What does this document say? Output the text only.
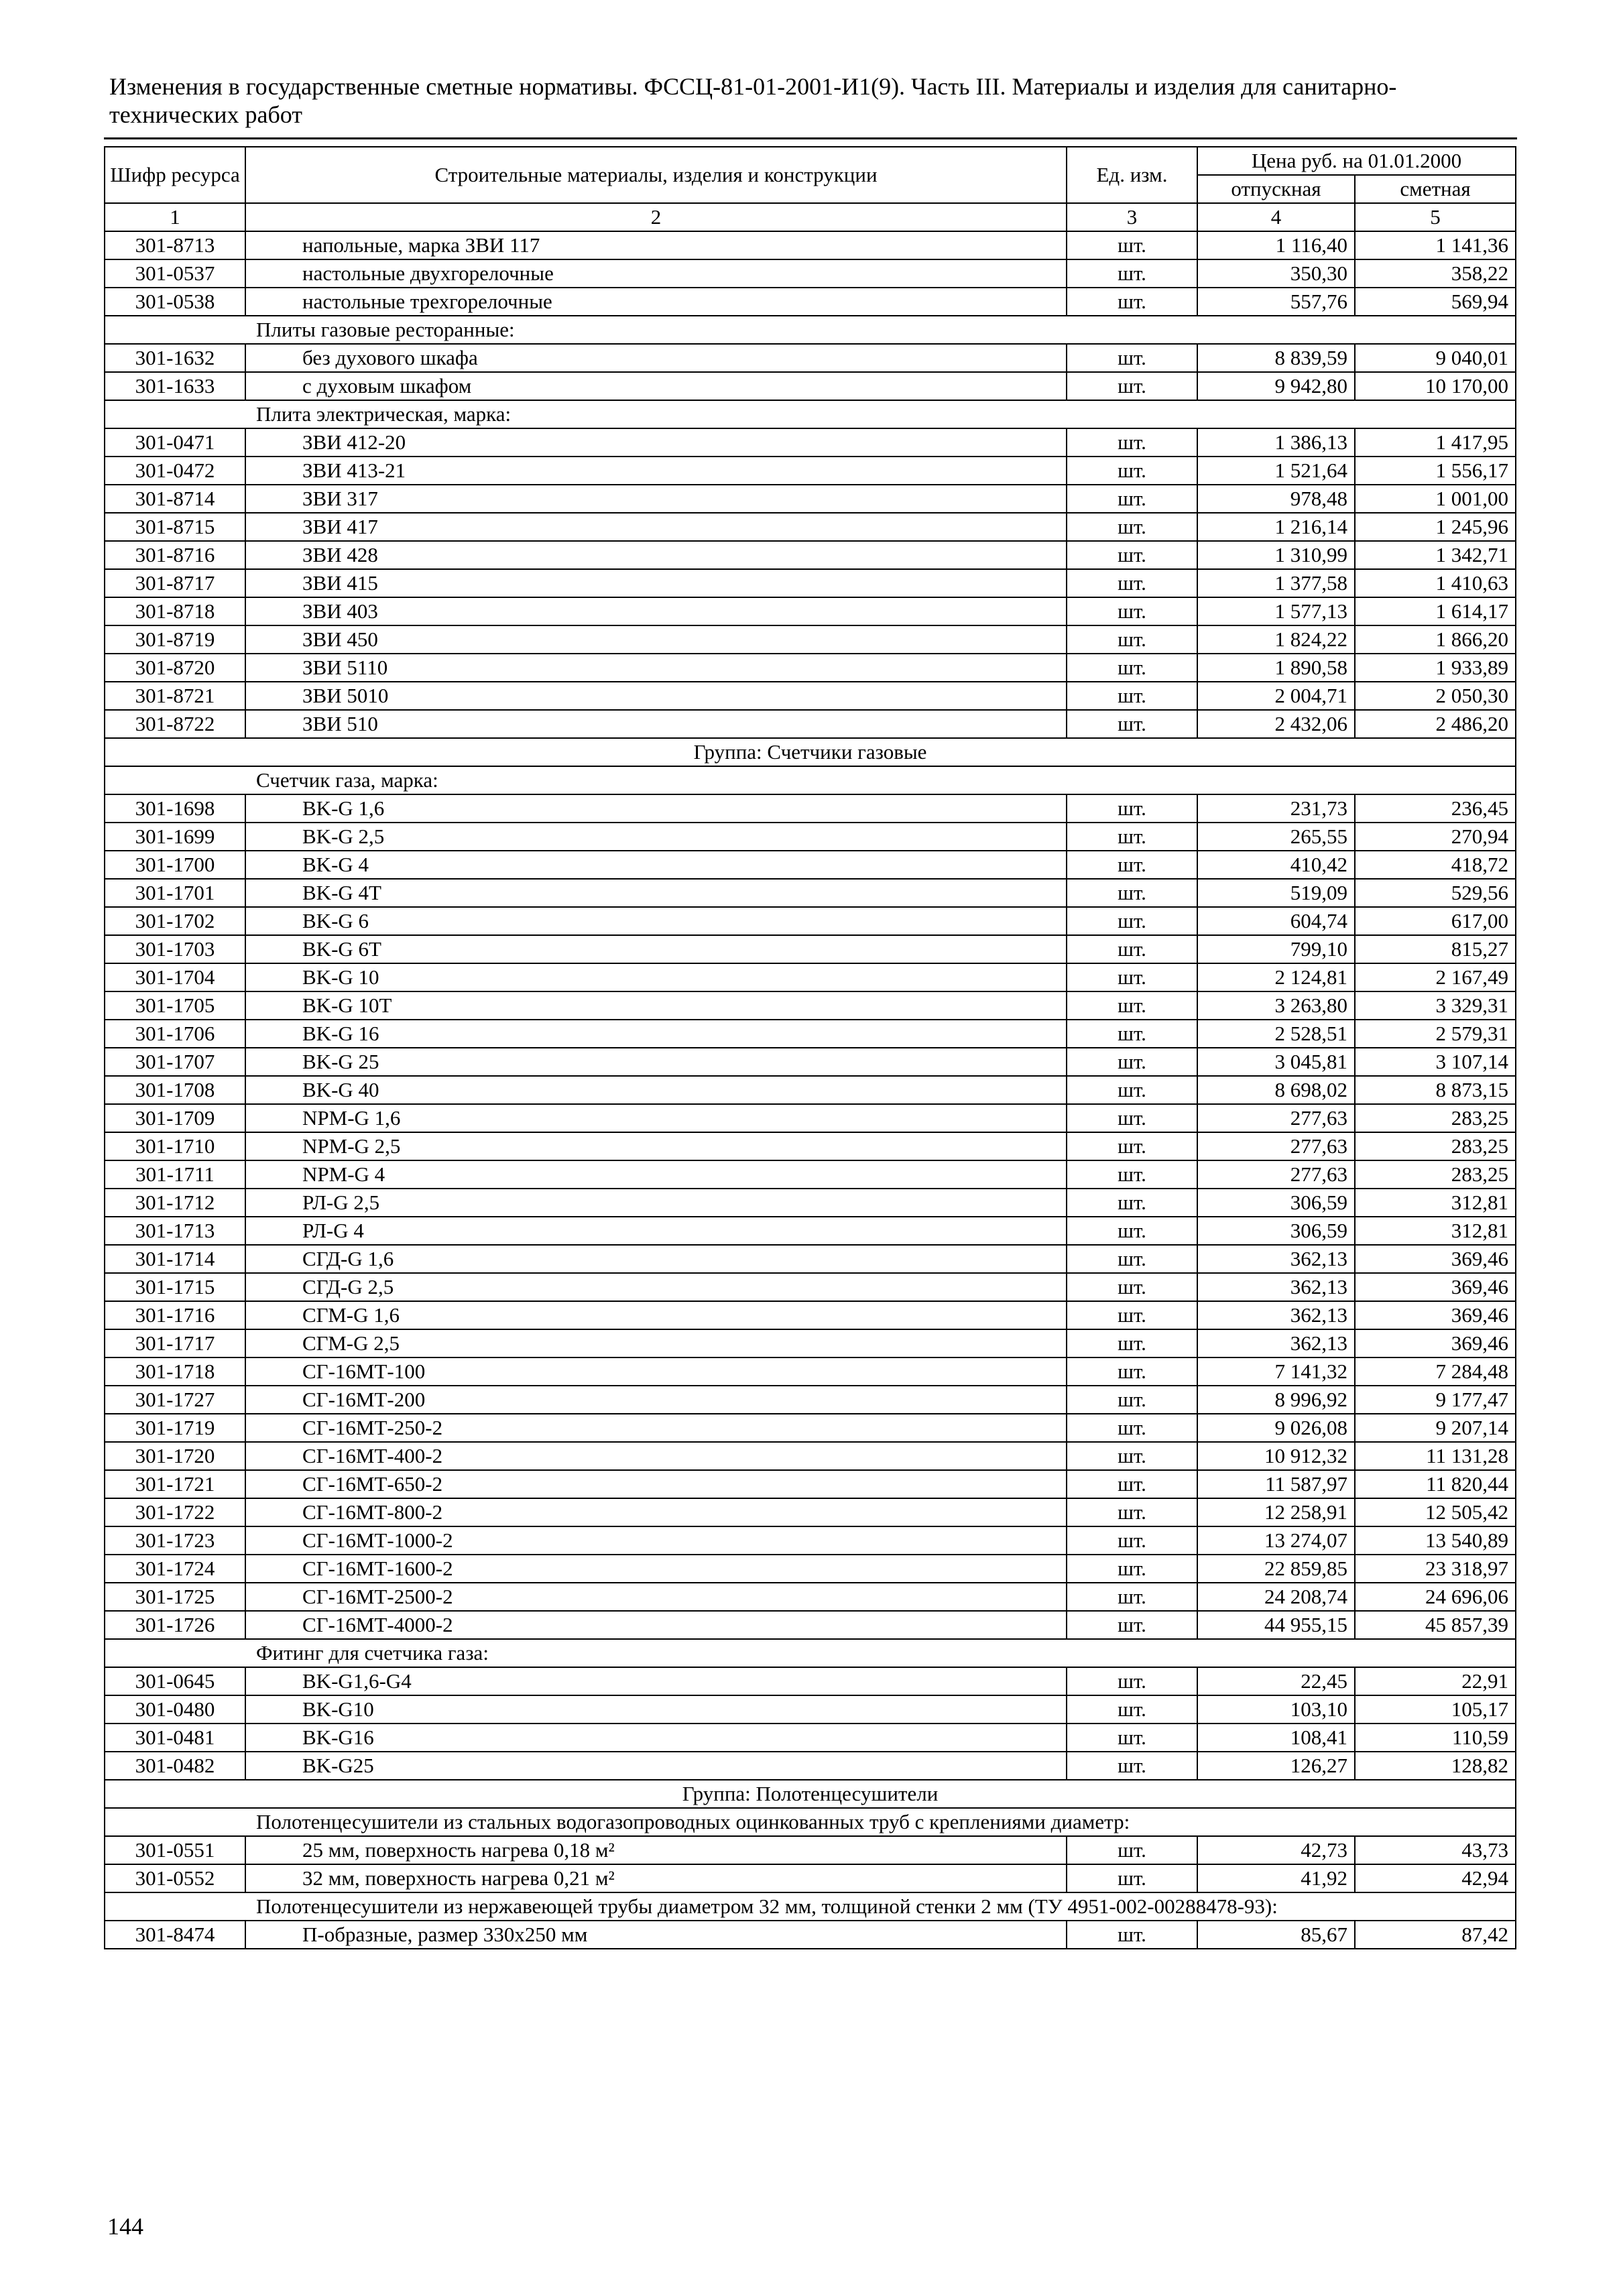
Изменения в государственные сметные нормативы. ФССЦ-81-01-2001-И1(9). Часть III. Материалы и изделия для санитарно-технических работ
Шифр ресурса	Строительные материалы, изделия и конструкции	Ед. изм.	Цена руб. на 01.01.2000	
			отпускная	сметная
1	2	3	4	5
301-8713	напольные, марка ЗВИ 117	шт.	1 116,40	1 141,36
301-0537	настольные двухгорелочные	шт.	350,30	358,22
301-0538	настольные трехгорелочные	шт.	557,76	569,94
Плиты газовые ресторанные:				
301-1632	без духового шкафа	шт.	8 839,59	9 040,01
301-1633	с духовым шкафом	шт.	9 942,80	10 170,00
Плита электрическая, марка:				
301-0471	ЗВИ 412-20	шт.	1 386,13	1 417,95
301-0472	ЗВИ 413-21	шт.	1 521,64	1 556,17
301-8714	ЗВИ 317	шт.	978,48	1 001,00
301-8715	ЗВИ 417	шт.	1 216,14	1 245,96
301-8716	ЗВИ 428	шт.	1 310,99	1 342,71
301-8717	ЗВИ 415	шт.	1 377,58	1 410,63
301-8718	ЗВИ 403	шт.	1 577,13	1 614,17
301-8719	ЗВИ 450	шт.	1 824,22	1 866,20
301-8720	ЗВИ 5110	шт.	1 890,58	1 933,89
301-8721	ЗВИ 5010	шт.	2 004,71	2 050,30
301-8722	ЗВИ 510	шт.	2 432,06	2 486,20
Группа: Счетчики газовые				
Счетчик газа, марка:				
301-1698	BK-G 1,6	шт.	231,73	236,45
301-1699	BK-G 2,5	шт.	265,55	270,94
301-1700	BK-G 4	шт.	410,42	418,72
301-1701	BK-G 4T	шт.	519,09	529,56
301-1702	BK-G 6	шт.	604,74	617,00
301-1703	BK-G 6T	шт.	799,10	815,27
301-1704	BK-G 10	шт.	2 124,81	2 167,49
301-1705	BK-G 10T	шт.	3 263,80	3 329,31
301-1706	BK-G 16	шт.	2 528,51	2 579,31
301-1707	BK-G 25	шт.	3 045,81	3 107,14
301-1708	BK-G 40	шт.	8 698,02	8 873,15
301-1709	NPM-G 1,6	шт.	277,63	283,25
301-1710	NPM-G 2,5	шт.	277,63	283,25
301-1711	NPM-G 4	шт.	277,63	283,25
301-1712	РЛ-G 2,5	шт.	306,59	312,81
301-1713	РЛ-G 4	шт.	306,59	312,81
301-1714	СГД-G 1,6	шт.	362,13	369,46
301-1715	СГД-G 2,5	шт.	362,13	369,46
301-1716	СГМ-G 1,6	шт.	362,13	369,46
301-1717	СГМ-G 2,5	шт.	362,13	369,46
301-1718	СГ-16МТ-100	шт.	7 141,32	7 284,48
301-1727	СГ-16МТ-200	шт.	8 996,92	9 177,47
301-1719	СГ-16МТ-250-2	шт.	9 026,08	9 207,14
301-1720	СГ-16МТ-400-2	шт.	10 912,32	11 131,28
301-1721	СГ-16МТ-650-2	шт.	11 587,97	11 820,44
301-1722	СГ-16МТ-800-2	шт.	12 258,91	12 505,42
301-1723	СГ-16МТ-1000-2	шт.	13 274,07	13 540,89
301-1724	СГ-16МТ-1600-2	шт.	22 859,85	23 318,97
301-1725	СГ-16МТ-2500-2	шт.	24 208,74	24 696,06
301-1726	СГ-16МТ-4000-2	шт.	44 955,15	45 857,39
Фитинг для счетчика газа:				
301-0645	BK-G1,6-G4	шт.	22,45	22,91
301-0480	BK-G10	шт.	103,10	105,17
301-0481	BK-G16	шт.	108,41	110,59
301-0482	BK-G25	шт.	126,27	128,82
Группа: Полотенцесушители				
Полотенцесушители из стальных водогазопроводных оцинкованных труб с креплениями диаметр:				
301-0551	25 мм, поверхность нагрева 0,18 м²	шт.	42,73	43,73
301-0552	32 мм, поверхность нагрева 0,21 м²	шт.	41,92	42,94
Полотенцесушители из нержавеющей трубы диаметром 32 мм, толщиной стенки 2 мм (ТУ 4951-002-00288478-93):				
301-8474	П-образные, размер 330х250 мм	шт.	85,67	87,42
144
